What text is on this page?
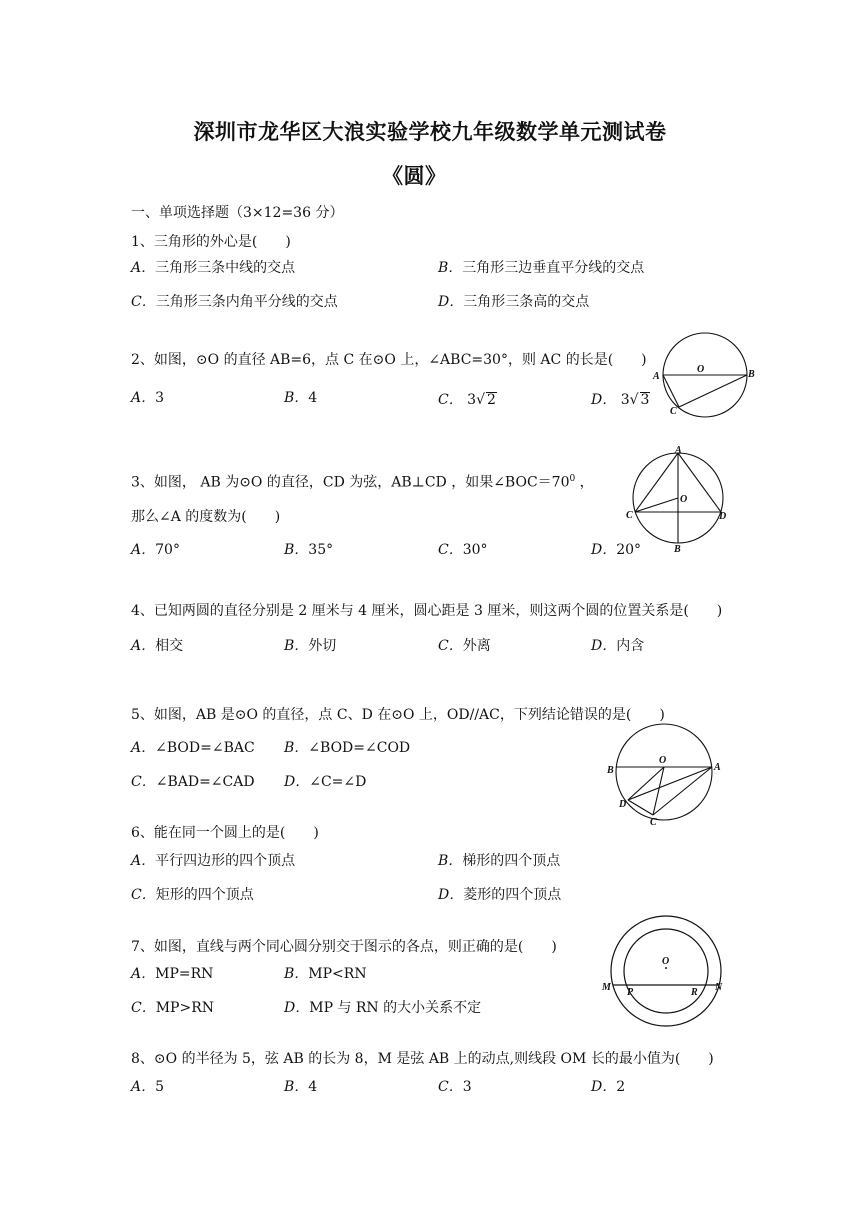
深圳市龙华区大浪实验学校九年级数学单元测试卷
《圆》
一、单项选择题（3×12=36 分）
1、三角形的外心是(　　)
A．三角形三条中线的交点	B．三角形三边垂直平分线的交点
C．三角形三条内角平分线的交点	D．三角形三条高的交点
2、如图，⊙O 的直径 AB=6，点 C 在⊙O 上，∠ABC=30°，则 AC 的长是(　　)
A．3	B．4	C． 3√ 2	D． 3√ 3
O
A	B
C
3、如图， AB 为⊙O 的直径，CD 为弦，AB⊥CD ，如果$\angle BOC=70^0$ ，
那么∠A 的度数为(　　)
A．70°	B．35°	C．30°	D．20°
A
O
C	D
B
4、已知两圆的直径分别是 2 厘米与 4 厘米，圆心距是 3 厘米，则这两个圆的位置关系是(　　)
A．相交	B．外切	C．外离	D．内含
5、如图，AB 是⊙O 的直径，点 C、D 在⊙O 上，OD//AC，下列结论错误的是(　　)
A．∠BOD=∠BAC B．∠BOD=∠COD
C．∠BAD=∠CAD D．∠C=∠D
O
B	A
D
C
6、能在同一个圆上的是(　　)
A．平行四边形的四个顶点	B．梯形的四个顶点
C．矩形的四个顶点	D．菱形的四个顶点
7、如图，直线与两个同心圆分别交于图示的各点，则正确的是(　　)
A．MP=RN	B．MP<RN
C．MP>RN	D．MP 与 RN 的大小关系不定
O
M P	R N
8、⊙O 的半径为 5，弦 AB 的长为 8，M 是弦 AB 上的动点,则线段 OM 长的最小值为(　　)
A．5	B．4	C．3	D．2
